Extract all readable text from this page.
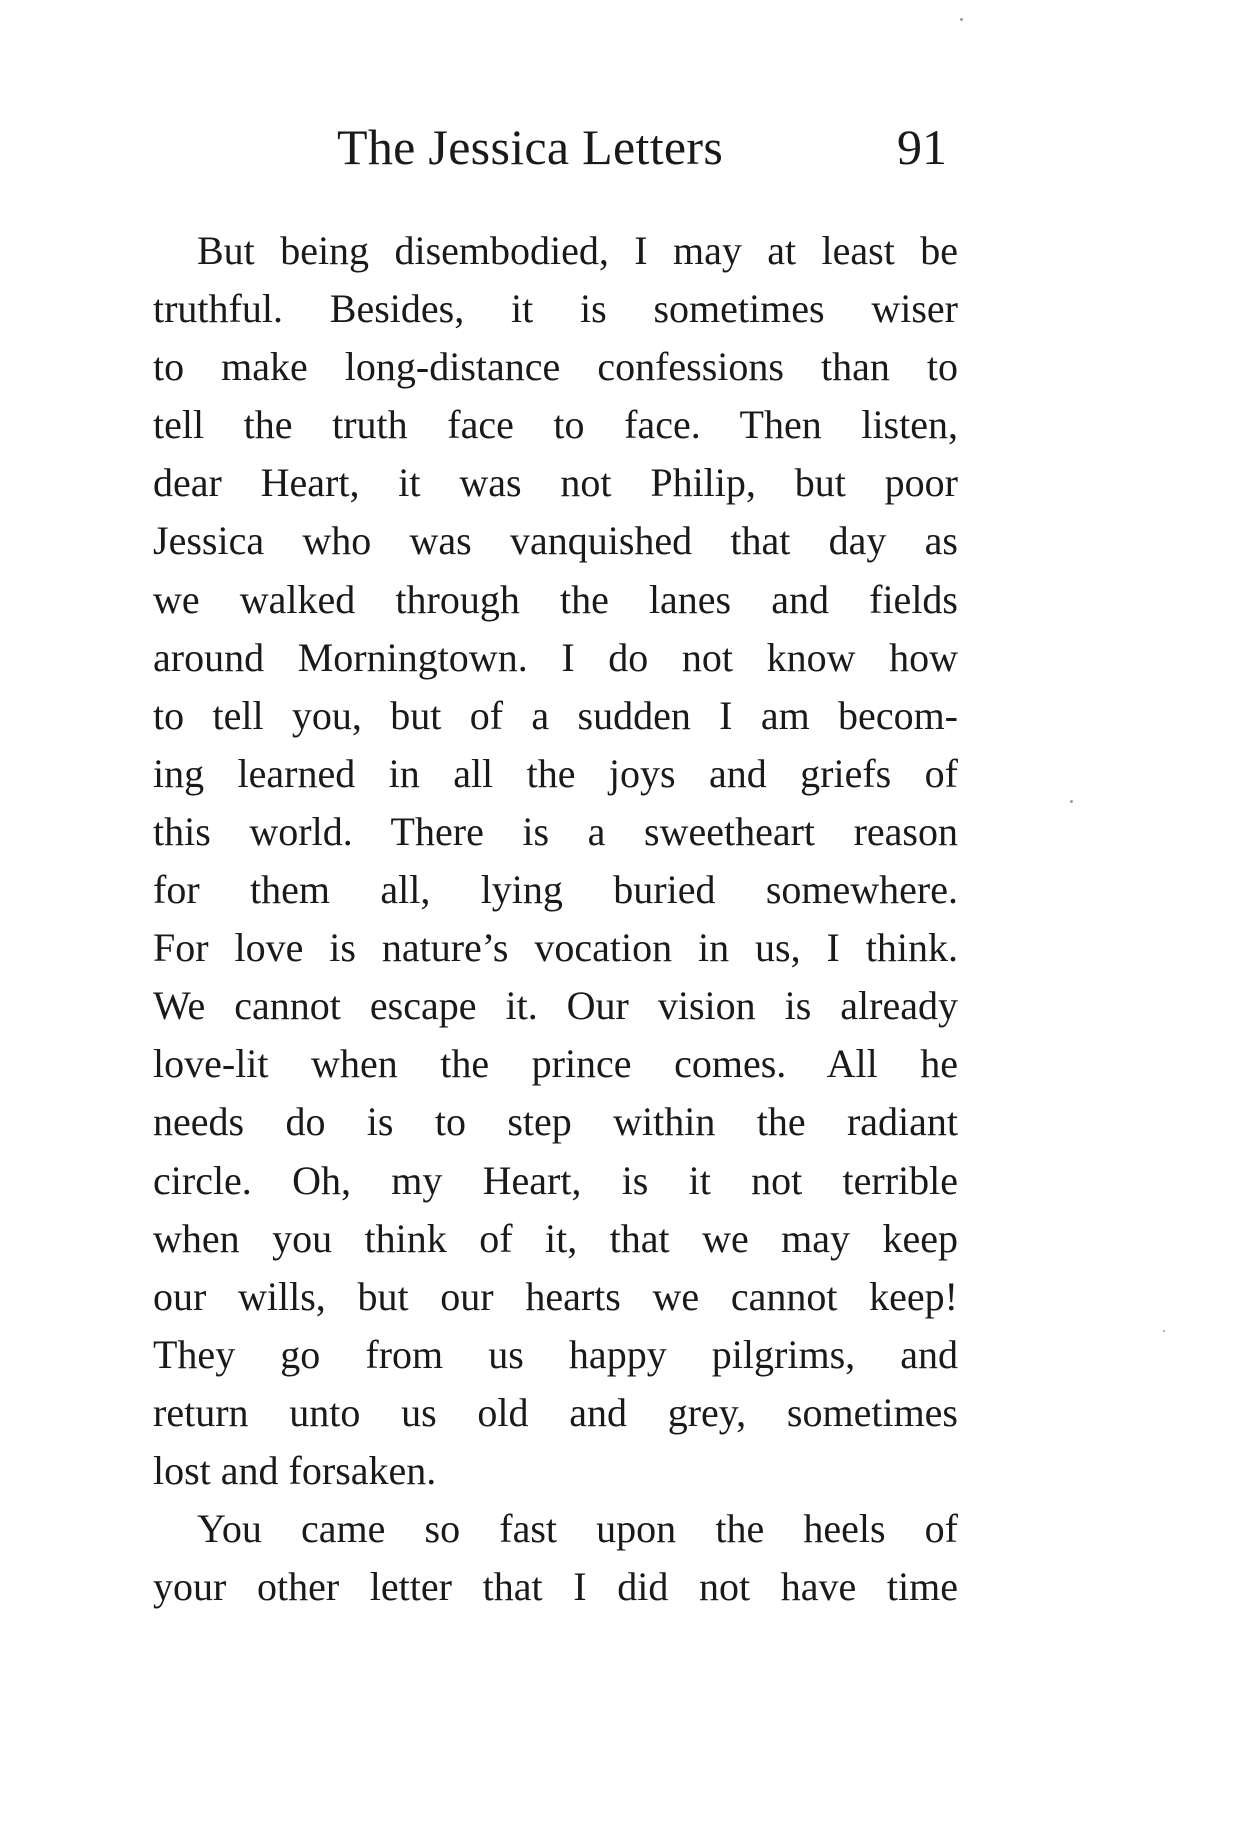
The Jessica Letters	91
But being disembodied, I may at least be
truthful. Besides, it is sometimes wiser
to make long-distance confessions than to
tell the truth face to face. Then listen,
dear Heart, it was not Philip, but poor
Jessica who was vanquished that day as
we walked through the lanes and fields
around Morningtown. I do not know how
to tell you, but of a sudden I am becom-
ing learned in all the joys and griefs of
this world. There is a sweetheart reason
for them all, lying buried somewhere.
For love is nature’s vocation in us, I think.
We cannot escape it. Our vision is already
love-lit when the prince comes. All he
needs do is to step within the radiant
circle. Oh, my Heart, is it not terrible
when you think of it, that we may keep
our wills, but our hearts we cannot keep!
They go from us happy pilgrims, and
return unto us old and grey, sometimes
lost and forsaken.
You came so fast upon the heels of
your other letter that I did not have time
